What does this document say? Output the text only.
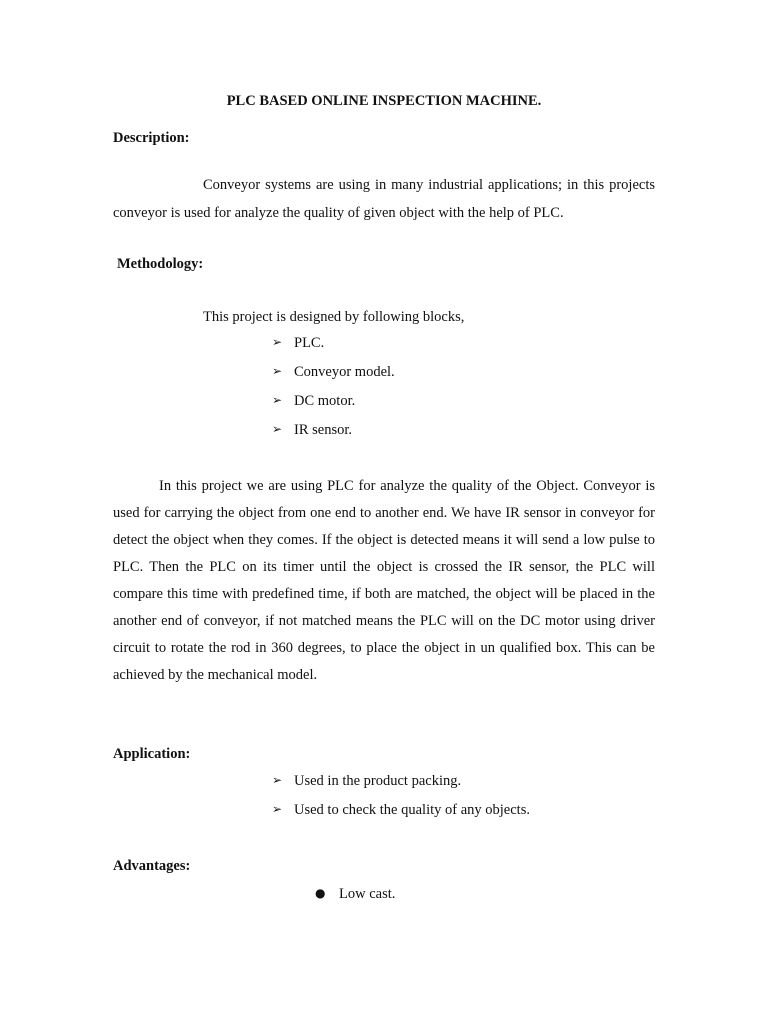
PLC BASED ONLINE INSPECTION MACHINE.
Description:
Conveyor systems are using in many industrial applications; in this projects conveyor is used for analyze the quality of given object with the help of PLC.
Methodology:
This project is designed by following blocks,
➢ PLC.
➢ Conveyor model.
➢ DC motor.
➢ IR sensor.
In this project we are using PLC for analyze the quality of the Object. Conveyor is used for carrying the object from one end to another end. We have IR sensor in conveyor for detect the object when they comes. If the object is detected means it will send a low pulse to PLC. Then the PLC on its timer until the object is crossed the IR sensor, the PLC will compare this time with predefined time, if both are matched, the object will be placed in the another end of conveyor, if not matched means the PLC will on the DC motor using driver circuit to rotate the rod in 360 degrees, to place the object in un qualified box. This can be achieved by the mechanical model.
Application:
➢ Used in the product packing.
➢ Used to check the quality of any objects.
Advantages:
● Low cast.
